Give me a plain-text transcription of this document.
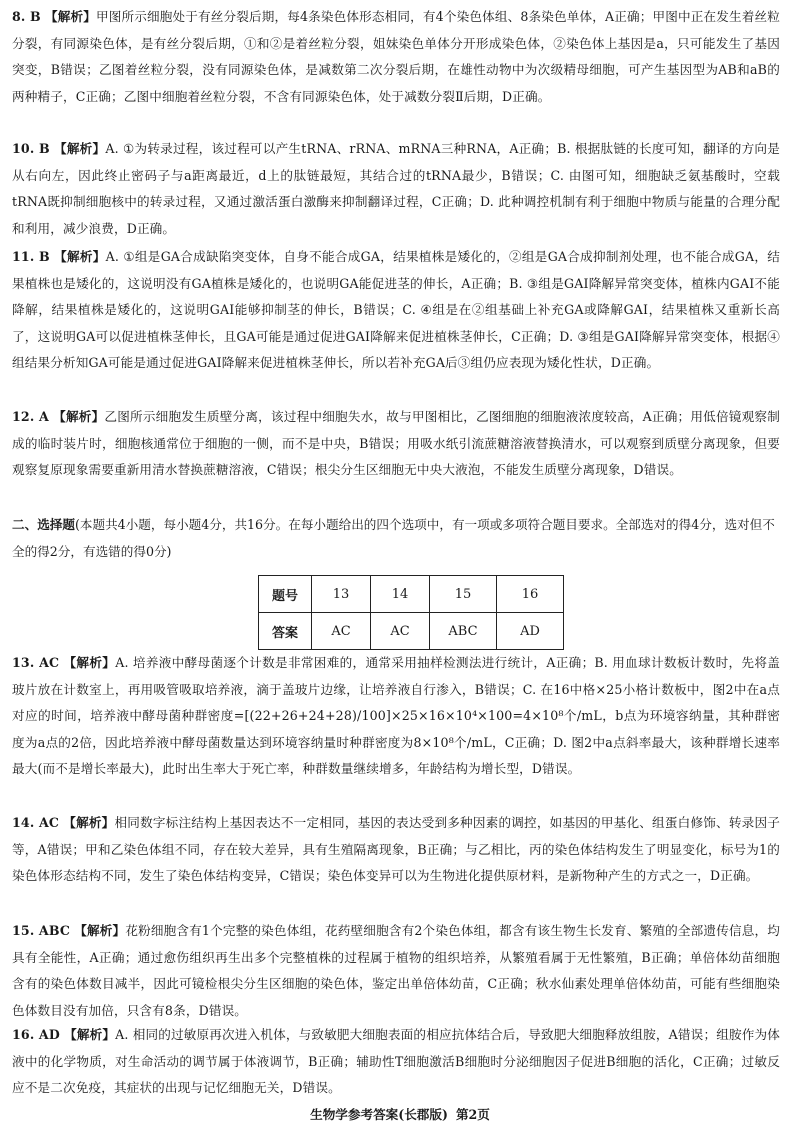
8. B 【解析】甲图所示细胞处于有丝分裂后期，每4条染色体形态相同，有4个染色体组、8条染色单体，A正确；甲图中正在发生着丝粒分裂，有同源染色体，是有丝分裂后期，①和②是着丝粒分裂，姐妹染色单体分开形成染色体，②染色体上基因是a，只可能发生了基因突变，B错误；乙图着丝粒分裂，没有同源染色体，是减数第二次分裂后期，在雄性动物中为次级精母细胞，可产生基因型为AB和aB的两种精子，C正确；乙图中细胞着丝粒分裂，不含有同源染色体，处于减数分裂Ⅱ后期，D正确。
10. B 【解析】A. ①为转录过程，该过程可以产生tRNA、rRNA、mRNA三种RNA，A正确；B. 根据肽链的长度可知，翻译的方向是从右向左，因此终止密码子与a距离最近，d上的肽链最短，其结合过的tRNA最少，B错误；C. 由图可知，细胞缺乏氨基酸时，空载tRNA既抑制细胞核中的转录过程，又通过激活蛋白激酶来抑制翻译过程，C正确；D. 此种调控机制有利于细胞中物质与能量的合理分配和利用，减少浪费，D正确。
11. B 【解析】A. ①组是GA合成缺陷突变体，自身不能合成GA，结果植株是矮化的，②组是GA合成抑制剂处理，也不能合成GA，结果植株也是矮化的，这说明没有GA植株是矮化的，也说明GA能促进茎的伸长，A正确；B. ③组是GAI降解异常突变体，植株内GAI不能降解，结果植株是矮化的，这说明GAI能够抑制茎的伸长，B错误；C. ④组是在②组基础上补充GA或降解GAI，结果植株又重新长高了，这说明GA可以促进植株茎伸长，且GA可能是通过促进GAI降解来促进植株茎伸长，C正确；D. ③组是GAI降解异常突变体，根据④组结果分析知GA可能是通过促进GAI降解来促进植株茎伸长，所以若补充GA后③组仍应表现为矮化性状，D正确。
12. A 【解析】乙图所示细胞发生质壁分离，该过程中细胞失水，故与甲图相比，乙图细胞的细胞液浓度较高，A正确；用低倍镜观察制成的临时装片时，细胞核通常位于细胞的一侧，而不是中央，B错误；用吸水纸引流蔗糖溶液替换清水，可以观察到质壁分离现象，但要观察复原现象需要重新用清水替换蔗糖溶液，C错误；根尖分生区细胞无中央大液泡，不能发生质壁分离现象，D错误。
二、选择题(本题共4小题，每小题4分，共16分。在每小题给出的四个选项中，有一项或多项符合题目要求。全部选对的得4分，选对但不全的得2分，有选错的得0分)
题号	13	14	15	16
答案	AC	AC	ABC	AD
13. AC 【解析】A. 培养液中酵母菌逐个计数是非常困难的，通常采用抽样检测法进行统计，A正确；B. 用血球计数板计数时，先将盖玻片放在计数室上，再用吸管吸取培养液，滴于盖玻片边缘，让培养液自行渗入，B错误；C. 在16中格×25小格计数板中，图2中在a点对应的时间，培养液中酵母菌种群密度=[(22+26+24+28)/100]×25×16×10⁴×100=4×10⁸个/mL，b点为环境容纳量，其种群密度为a点的2倍，因此培养液中酵母菌数量达到环境容纳量时种群密度为8×10⁸个/mL，C正确；D. 图2中a点斜率最大，该种群增长速率最大(而不是增长率最大)，此时出生率大于死亡率，种群数量继续增多，年龄结构为增长型，D错误。
14. AC 【解析】相同数字标注结构上基因表达不一定相同，基因的表达受到多种因素的调控，如基因的甲基化、组蛋白修饰、转录因子等，A错误；甲和乙染色体组不同，存在较大差异，具有生殖隔离现象，B正确；与乙相比，丙的染色体结构发生了明显变化，标号为1的染色体形态结构不同，发生了染色体结构变异，C错误；染色体变异可以为生物进化提供原材料，是新物种产生的方式之一，D正确。
15. ABC 【解析】花粉细胞含有1个完整的染色体组，花药壁细胞含有2个染色体组，都含有该生物生长发育、繁殖的全部遗传信息，均具有全能性，A正确；通过愈伤组织再生出多个完整植株的过程属于植物的组织培养，从繁殖看属于无性繁殖，B正确；单倍体幼苗细胞含有的染色体数目减半，因此可镜检根尖分生区细胞的染色体，鉴定出单倍体幼苗，C正确；秋水仙素处理单倍体幼苗，可能有些细胞染色体数目没有加倍，只含有8条，D错误。
16. AD 【解析】A. 相同的过敏原再次进入机体，与致敏肥大细胞表面的相应抗体结合后，导致肥大细胞释放组胺，A错误；组胺作为体液中的化学物质，对生命活动的调节属于体液调节，B正确；辅助性T细胞激活B细胞时分泌细胞因子促进B细胞的活化，C正确；过敏反应不是二次免疫，其症状的出现与记忆细胞无关，D错误。
生物学参考答案(长郡版) 第2页
